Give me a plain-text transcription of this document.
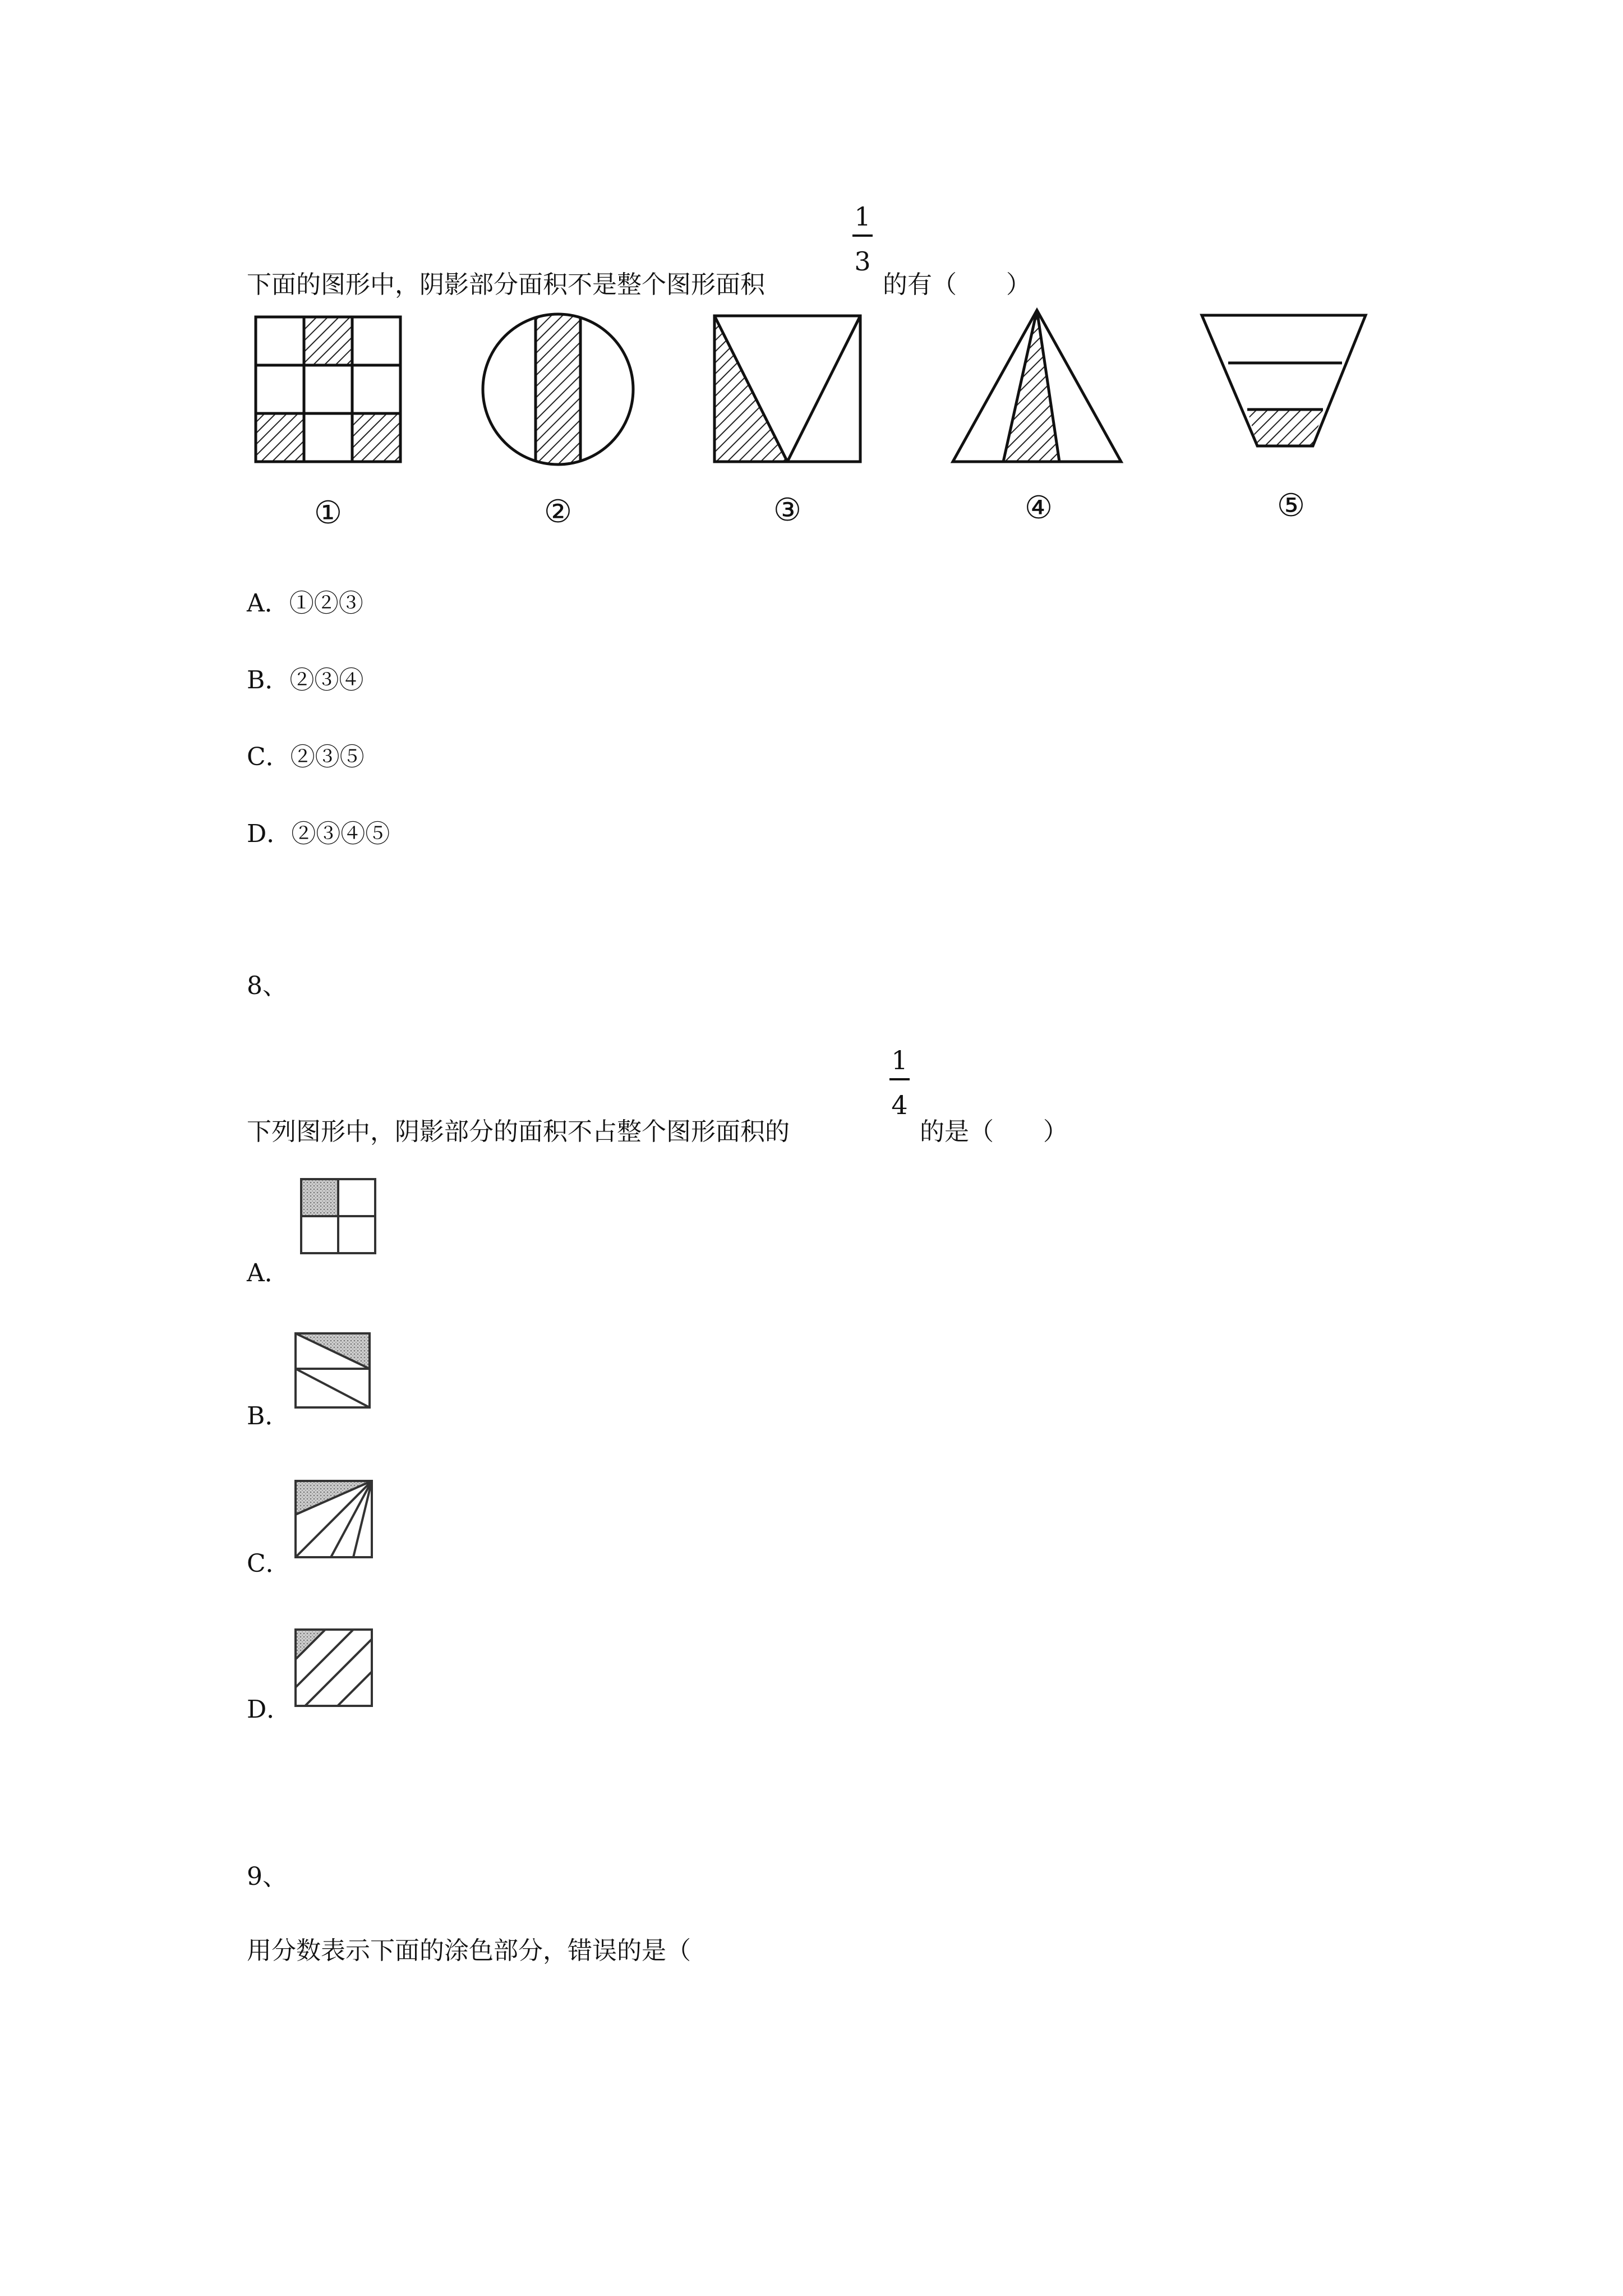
1
3
下面的图形中，阴影部分面积不是整个图形面积	的有（　　）
①	②	③	④	⑤
A．①②③
B．②③④
C．②③⑤
D．②③④⑤
8、
1
4
下列图形中，阴影部分的面积不占整个图形面积的	的是（　　）
A．
B．
C．
D．
9、
用分数表示下面的涂色部分，错误的是（
